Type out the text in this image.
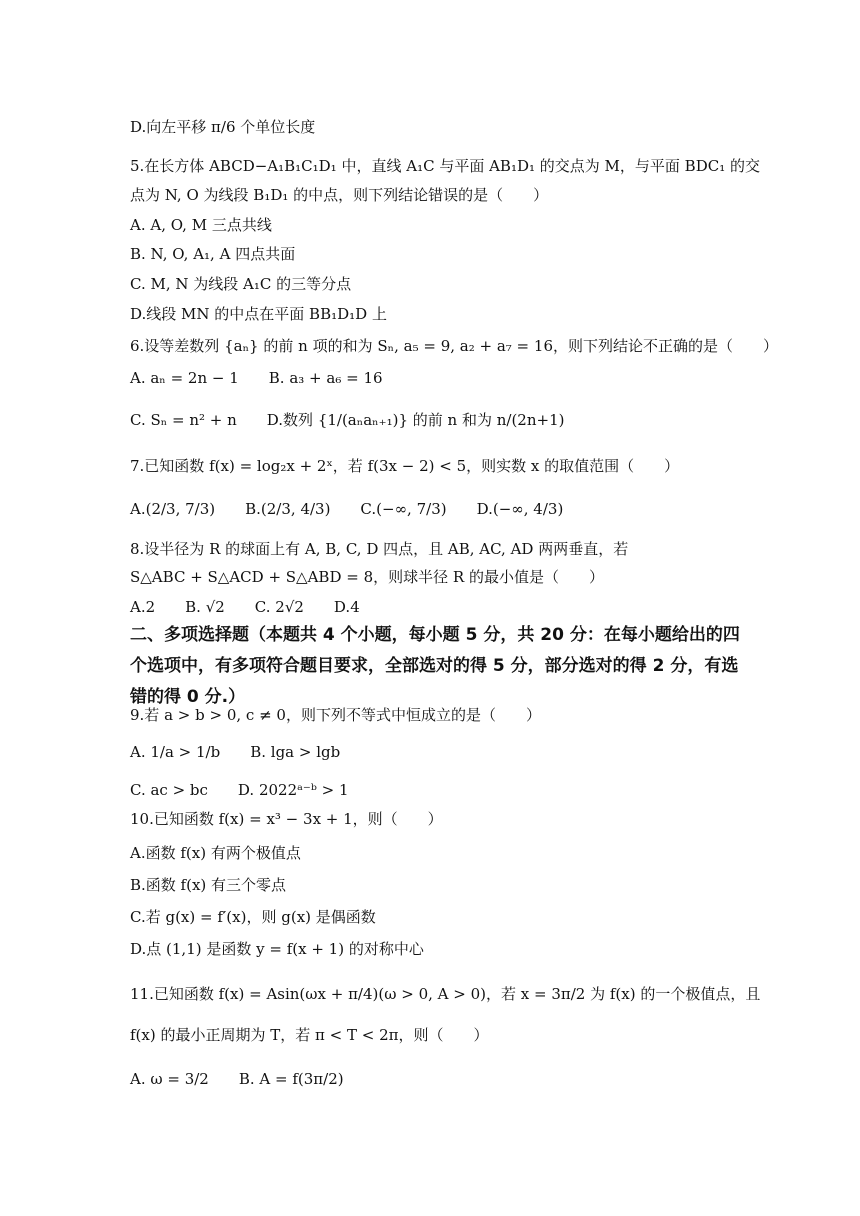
D.向左平移 π/6 个单位长度
5.在长方体 ABCD−A₁B₁C₁D₁ 中，直线 A₁C 与平面 AB₁D₁ 的交点为 M，与平面 BDC₁ 的交
点为 N, O 为线段 B₁D₁ 的中点，则下列结论错误的是（　　）
A. A, O, M 三点共线
B. N, O, A₁, A 四点共面
C. M, N 为线段 A₁C 的三等分点
D.线段 MN 的中点在平面 BB₁D₁D 上
6.设等差数列 {aₙ} 的前 n 项的和为 Sₙ, a₅ = 9, a₂ + a₇ = 16，则下列结论不正确的是（　　）
A. aₙ = 2n − 1　　B. a₃ + a₆ = 16
C. Sₙ = n² + n　　D.数列 {1/(aₙaₙ₊₁)} 的前 n 和为 n/(2n+1)
7.已知函数 f(x) = log₂x + 2ˣ，若 f(3x − 2) < 5，则实数 x 的取值范围（　　）
A.(2/3, 7/3)　　B.(2/3, 4/3)　　C.(−∞, 7/3)　　D.(−∞, 4/3)
8.设半径为 R 的球面上有 A, B, C, D 四点，且 AB, AC, AD 两两垂直，若
S△ABC + S△ACD + S△ABD = 8，则球半径 R 的最小值是（　　）
A.2　　B. √2　　C. 2√2　　D.4
二、多项选择题（本题共 4 个小题，每小题 5 分，共 20 分：在每小题给出的四个选项中，有多项符合题目要求，全部选对的得 5 分，部分选对的得 2 分，有选错的得 0 分.）
9.若 a > b > 0, c ≠ 0，则下列不等式中恒成立的是（　　）
A. 1/a > 1/b　　B. lga > lgb
C. ac > bc　　D. 2022ᵃ⁻ᵇ > 1
10.已知函数 f(x) = x³ − 3x + 1，则（　　）
A.函数 f(x) 有两个极值点
B.函数 f(x) 有三个零点
C.若 g(x) = f′(x)，则 g(x) 是偶函数
D.点 (1,1) 是函数 y = f(x + 1) 的对称中心
11.已知函数 f(x) = Asin(ωx + π/4)(ω > 0, A > 0)，若 x = 3π/2 为 f(x) 的一个极值点，且
f(x) 的最小正周期为 T，若 π < T < 2π，则（　　）
A. ω = 3/2　　B. A = f(3π/2)
